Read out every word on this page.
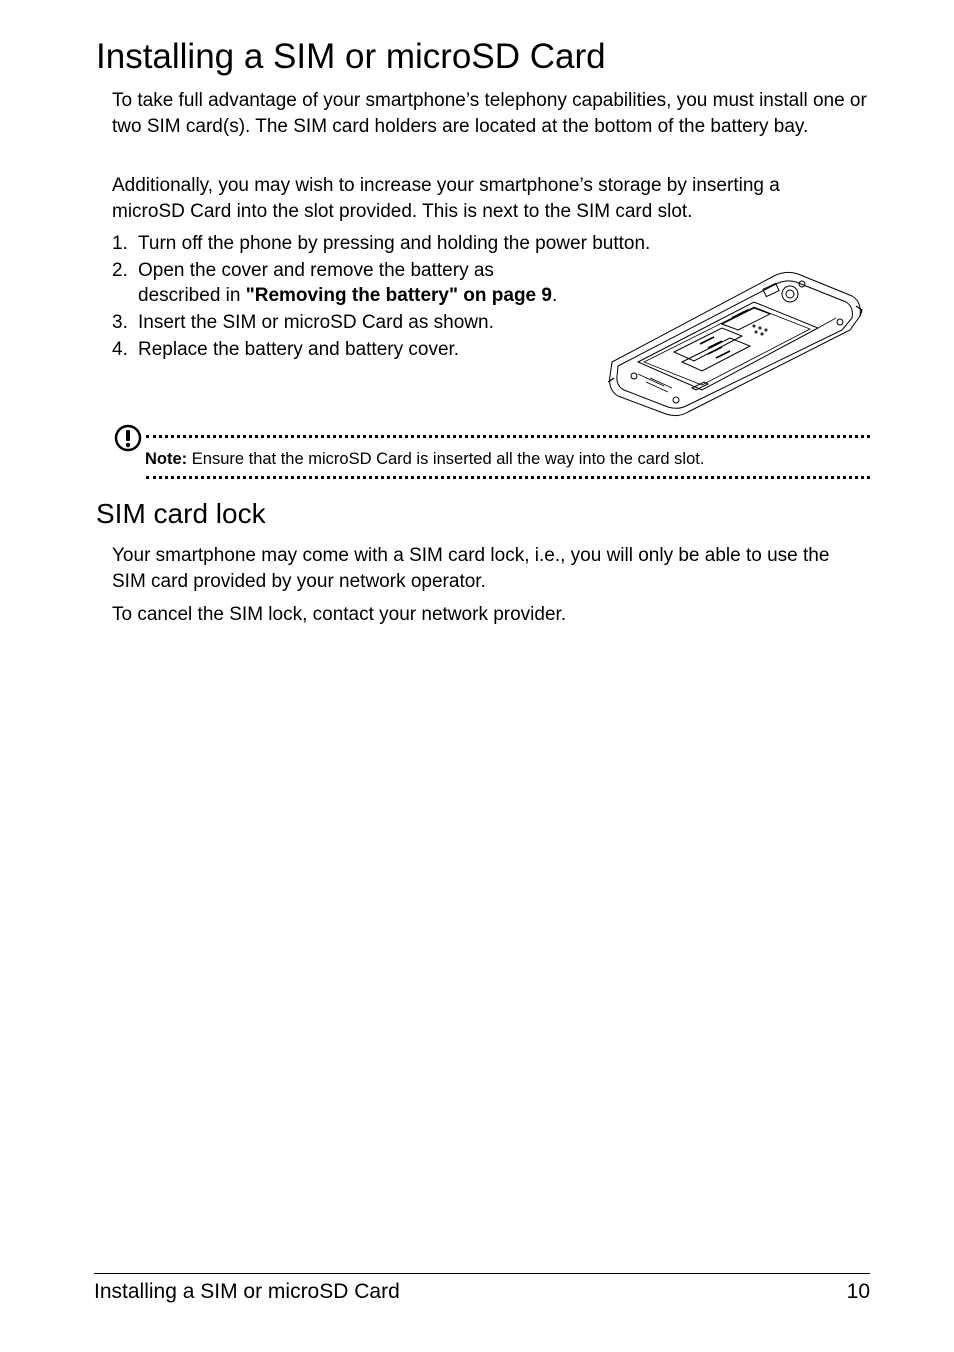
Installing a SIM or microSD Card

To take full advantage of your smartphone’s telephony capabilities, you must install one or two SIM card(s). The SIM card holders are located at the bottom of the battery bay.

Additionally, you may wish to increase your smartphone’s storage by inserting a microSD Card into the slot provided. This is next to the SIM card slot.

1. Turn off the phone by pressing and holding the power button.
2. Open the cover and remove the battery as
described in "Removing the battery" on page 9.
3. Insert the SIM or microSD Card as shown.
4. Replace the battery and battery cover.

Note: Ensure that the microSD Card is inserted all the way into the card slot.

SIM card lock

Your smartphone may come with a SIM card lock, i.e., you will only be able to use the SIM card provided by your network operator.

To cancel the SIM lock, contact your network provider.

Installing a SIM or microSD Card	10
